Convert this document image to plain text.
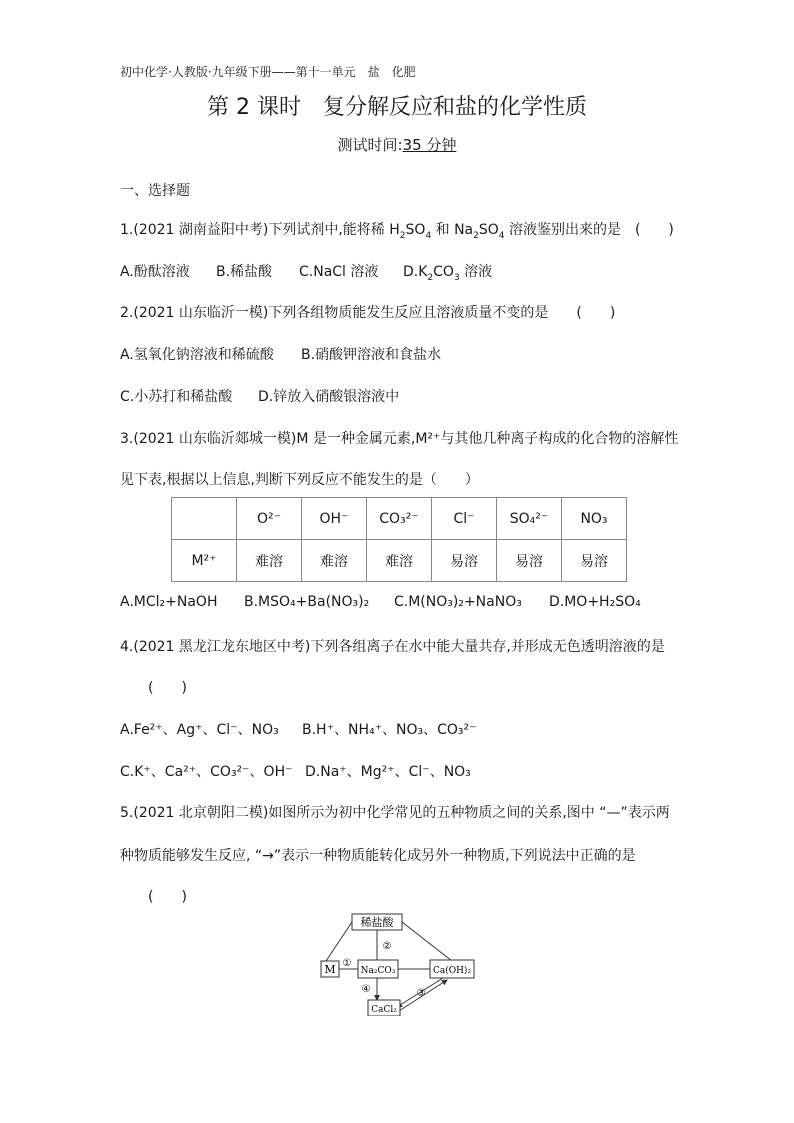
初中化学·人教版·九年级下册——第十一单元　盐　化肥
第 2 课时　复分解反应和盐的化学性质
测试时间:35 分钟
一、选择题
1.(2021 湖南益阳中考)下列试剂中,能将稀 $H_2SO_4$ 和 $Na_2SO_4$ 溶液鉴别出来的是　(　　)
A.酚酞溶液 B.稀盐酸 C.NaCl 溶液 $D.K_2CO_3$ 溶液
2.(2021 山东临沂一模)下列各组物质能发生反应且溶液质量不变的是　　(　　)
A.氢氧化钠溶液和稀硫酸 B.硝酸钾溶液和食盐水
C.小苏打和稀盐酸 D.锌放入硝酸银溶液中
3.(2021 山东临沂郯城一模)M 是一种金属元素,M²⁺与其他几种离子构成的化合物的溶解性
见下表,根据以上信息,判断下列反应不能发生的是（　　）
	O²⁻	OH⁻	CO₃²⁻	Cl⁻	SO₄²⁻	NO₃
M²⁺	难溶	难溶	难溶	易溶	易溶	易溶
A.MCl₂+NaOH B.MSO₄+Ba(NO₃)₂ C.M(NO₃)₂+NaNO₃ D.MO+H₂SO₄
4.(2021 黑龙江龙东地区中考)下列各组离子在水中能大量共存,并形成无色透明溶液的是
(　　)
A.Fe²⁺、Ag⁺、Cl⁻、NO₃ B.H⁺、NH₄⁺、NO₃、CO₃²⁻
C.K⁺、Ca²⁺、CO₃²⁻、OH⁻ D.Na⁺、Mg²⁺、Cl⁻、NO₃
5.(2021 北京朝阳二模)如图所示为初中化学常见的五种物质之间的关系,图中 “—”表示两
种物质能够发生反应, “→”表示一种物质能转化成另外一种物质,下列说法中正确的是
(　　)
稀盐酸
M	Na₂CO₃	Ca(OH)₂
CaCl₂
①
②
③
④
